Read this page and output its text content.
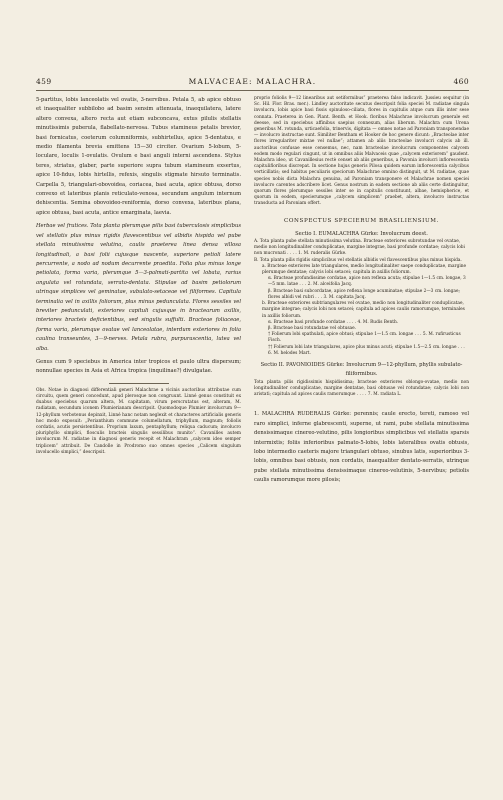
459	MALVACEAE: MALACHRA.	460

5-partitus, lobis lanceolatis vel ovatis, 3-nervibus. Petala 5, ab apice obtuso et inaequaliter subbilobo ad basim sensim attenuata, inaequilatera, latere altero convexa, altero recta aut etiam subconcava, extus pilulis stellatis minutissimis puberula, flabellato-nervosa. Tubus stamineus petalis brevior, basi fornicatus, coeterum columniformis, subhirtellus, apice 5-dentatus, e medio filamenta brevia emittens 15—30 circiter. Ovarium 5-lobum, 5-loculare, loculis 1-ovulatis. Ovulum e basi anguli interni ascendens. Stylus teres, striatus, glaber, parte superiore supra tubum stamineum exsertus, apice 10-fidus, lobis hirtellis, refexis, singulis stigmate hirsuto terminatis. Carpella 5, triangulari-obovoidea, coriacea, basi acuta, apice obtusa, dorso convexo et lateribus planis reticulato-venosa, secundum angulum internum dehiscentia. Semina obovoideo-reniformia, dorso convexa, lateribus plana, apice obtusa, basi acuta, antice emarginata, laevia.

Herbae vel frutices. Tota planta plerumque pilis basi tuberculosis simplicibus vel stellatis plus minus rigidis flavescentibus vel albidis hispida vel pube stellata minutissima velutina, caulis praeterea linea densa villosa longitudinali, a basi folii cujusque nascente, superiore petioli latere percurrente, a nodo ad nodum decurrente praedita. Folia plus minus longe petiolata, forma varia, plerumque 5—3-palmati-partita vel lobata, rarius angulata vel rotundata, serrato-dentata. Stipulae ad basim petiolorum utrinque simplices vel geminatae, subulato-setaceae vel filiformes. Capitula terminalia vel in axillis foliorum, plus minus pedunculata. Flores sessiles vel breviter pedunculati, exteriores capituli cujusque in bractearum axillis, interiores bracteis deficientibus, sed singulis suffulti. Bracteae foliaceae, forma varia, plerumque ovatae vel lanceolatae, interdum exteriores in folia caulina transeuntes, 3—9-nerves. Petala rubra, purpurascentia, lutea vel alba.

Genus cum 9 speciebus in America inter tropicos et paulo ultra dispersum; nonnullae species in Asia et Africa tropica (inquilinae?) divulgatae.

Obs. Notae in diagnosi differentiali generi Malachrae a vicinis auctoribus attributae cum circuitu, quem generi concedunt, apud plerosque non congruunt. Linné genus constituit ex duabus speciebus quarum altera, M. capitatam, virum perscrutatus est, alteram, M. radiatam, secundum iconem Plumierianam descripsit. Quomodoque Plumier involucrum 9—12-phyllum verbotenus depinxit, Linné hanc notam neglexit et characteres artificialis generis hoc modo exposuit: „Perianthium commune columellatum, triphyllum, magnum; foliolis cordatis, acutis persistentibus. Proprium laxum, pentaphyllum; reliqua caducum; involucro pluriphyllo simplici, flosculis bracteis singulis sessilibus munito“. Cavanilles autem involucrum M. radiatae in diagnosi generis recepit et Malachram „calycem ideo semper triplicem“ attribuit. De Candolle in Prodromo suo omnes species „Calicem singulum involucello simplici,“ descripsit.

proprio foliolis 9—12 linearibus aut setiformibus“ praeterea falso indicavit. Jussieu sequitur (in Sc. Hil. Flor. Bras. mer.). Lindley auctoritate secutus descripsit folia speciei M. radiatae singula involucra, lobis apice basi fissis spinuloso-ciliata, flores in capitulis atque cum illis inter sese connata. Praeterea in Gen. Plant. Benth. et Hook. floribus Malachrae involucrum generale est deesse, sed in speciebus affinibus saepius connexum, alias liberum. Malachra cum Urena generibus M. rotunda, urticaefolia, trinervis, digitata — omnes notae ad Paroniam transponendae — involucro instructae sunt. Similiter Bentham et Hooker de hoc genere dicunt: „Bracteolae inter flores irregulariter mixtae vel nullae“; attamen ab aliis bracteolae involucri calycis ab ill. auctoribus confusae esse censemus, nec, nam bracteolae involucrum componentes calycem eodem modo regulari cingunt, ut in omnibus aliis Malvaceis quae „calycem exteriorem“ gaudent. Malachra ideo, ut Cavanillesius rectè censet ab aliis generibus, a Pavonia involucri inflorescentia capitulifloribus discrepat. In sectione hujus generis Pilosa quidem earum inflorescentia calycibus verticillatis; sed habitus peculiaris speciorum Malachrae omnino distinguit, ut M. radiatae, quae species nobis dicta Malachra genuina, ad Paroniam transponere et Malachrae nomen speciei involucro carentes adscribere licet. Genus nostrum in eadem sectione ab aliis certe distinguitur, quorum flores plerumque sessiles inter se in capitulis constituunt, albae, hemispherice, et quorum in eodem, specierumque „calycem simplicem“ praebet, altera, involucro instructas transducta ad Paroniam offert.

CONSPECTUS SPECIERUM BRASILIENSIUM.

Sectio I. EUMALACHRA Gürke: Involucrum deest.

A. Tota planta pube stellata minutissima velutina. Bracteae exteriores subrotundae vel ovatae, medio non longitudinaliter conduplicatae, margine integrae, basi profunde cordatae; calycis lobi non mucronati . . . . 1. M. ruderalis Gürke.

B. Tota planta pilis rigidis simplicibus vel stellatis albidis vel flavescentibus plus minus hispida.

a. Bracteae exteriores late triangulares, medio longitudinaliter saepe conduplicatae, margine plerumque dentatae; calycis lobi setacei; capitula in axillis foliorum.

α. Bracteae profundissime cordatae, apice non reflexa acuta; stipulae 1—1.5 cm. longae, 3—5 mm. latae . . . 2. M. alceifolia Jacq.

β. Bracteae basi subcordatae, apice reflexa longe acuminatae; stipulae 2—3 cm. longae; flores albidi vel rubri . . . 3. M. capitata Jacq.

b. Bracteae exteriores subtriangulares vel ovatae, medio non longitudinaliter conduplicatae, margine integrae; calycis lobi non setacei; capitula ad apices caulis ramorumque, terminales in axillis foliorum.

α. Bracteae basi profunde cordatae . . . . 4. M. Rudis Benth.

β. Bracteae basi rotundatae vel obtusae.

† Folierum lobi spathulati, apice obtusi; stipulae 1—1.5 cm. longae . . . 5. M. rufirusticus Fisch.

†† Folierum lobi late triangulares, apice plus minus acuti; stipulae 1.5—2.5 cm. longae . . . 6. M. helodes Mart.

Sectio II. PAVONIOIDES Gürke: Involucrum 9—12-phyllum, phyllis subulato-filiformibus.

Tota planta pilis rigidissimis hispidissima; bracteae exteriores oblongo-ovatae, medio non longitudinaliter conduplicatae, margine dentatae, basi obtusae vel rotundatae; calycis lobi non aristati; capitula ad apices caulis ramorumque . . . . 7. M. radiata L.

1. MALACHRA RUDERALIS Gürke: perennis; caule erecto, tereti, ramoso vel raro simplici, inferne glabrescenti, superne, ut rami, pube stellata minutissima densissimaque cinereo-velutino, pilis longioribus simplicibus vel stellatis sparsis intermixtis; foliis inferioribus palmato-5-lobis, lobis lateralibus ovatis obtusis, lobo intermedio caeteris majore triangulari obtuso, sinubus latis, superioribus 3-lobis, omnibus basi obtusis, non cordatis, inaequaliter dentato-serratis, utrinque pube stellata minutissima densissimaque cinereo-velutinis, 5-nervibus; petiolis caulis ramorumque more pilosis;
